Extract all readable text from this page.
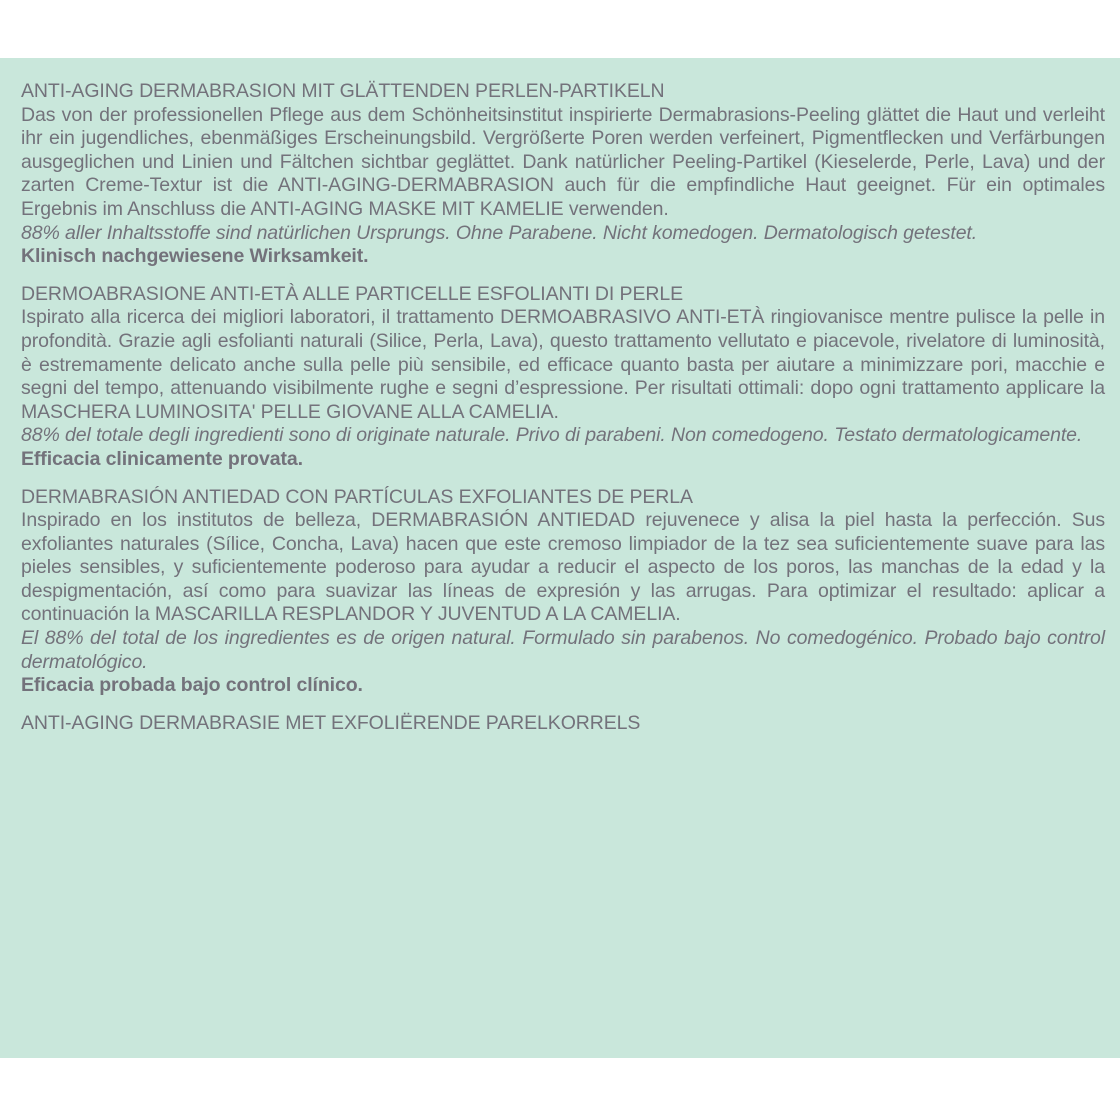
ANTI-AGING DERMABRASION MIT GLÄTTENDEN PERLEN-PARTIKELN
Das von der professionellen Pflege aus dem Schönheitsinstitut inspirierte Dermabrasions-Peeling glättet die Haut und verleiht ihr ein jugendliches, ebenmäßiges Erscheinungsbild. Vergrößerte Poren werden verfeinert, Pigmentflecken und Verfärbungen ausgeglichen und Linien und Fältchen sichtbar geglättet. Dank natürlicher Peeling-Partikel (Kieselerde, Perle, Lava) und der zarten Creme-Textur ist die ANTI-AGING-DERMABRASION auch für die empfindliche Haut geeignet. Für ein optimales Ergebnis im Anschluss die ANTI-AGING MASKE MIT KAMELIE verwenden.
88% aller Inhaltsstoffe sind natürlichen Ursprungs. Ohne Parabene. Nicht komedogen. Dermatologisch getestet.
Klinisch nachgewiesene Wirksamkeit.
DERMOABRASIONE ANTI-ETÀ ALLE PARTICELLE ESFOLIANTI DI PERLE
Ispirato alla ricerca dei migliori laboratori, il trattamento DERMOABRASIVO ANTI-ETÀ ringiovanisce mentre pulisce la pelle in profondità. Grazie agli esfolianti naturali (Silice, Perla, Lava), questo trattamento vellutato e piacevole, rivelatore di luminosità, è estremamente delicato anche sulla pelle più sensibile, ed efficace quanto basta per aiutare a minimizzare pori, macchie e segni del tempo, attenuando visibilmente rughe e segni d’espressione. Per risultati ottimali: dopo ogni trattamento applicare la MASCHERA LUMINOSITA' PELLE GIOVANE ALLA CAMELIA.
88% del totale degli ingredienti sono di originate naturale. Privo di parabeni. Non comedogeno. Testato dermatologicamente.
Efficacia clinicamente provata.
DERMABRASIÓN ANTIEDAD CON PARTÍCULAS EXFOLIANTES DE PERLA
Inspirado en los institutos de belleza, DERMABRASIÓN ANTIEDAD rejuvenece y alisa la piel hasta la perfección. Sus exfoliantes naturales (Sílice, Concha, Lava) hacen que este cremoso limpiador de la tez sea suficientemente suave para las pieles sensibles, y suficientemente poderoso para ayudar a reducir el aspecto de los poros, las manchas de la edad y la despigmentación, así como para suavizar las líneas de expresión y las arrugas. Para optimizar el resultado: aplicar a continuación la MASCARILLA RESPLANDOR Y JUVENTUD A LA CAMELIA.
El 88% del total de los ingredientes es de origen natural. Formulado sin parabenos. No comedogénico. Probado bajo control dermatológico.
Eficacia probada bajo control clínico.
ANTI-AGING DERMABRASIE MET EXFOLIËRENDE PARELKORRELS
